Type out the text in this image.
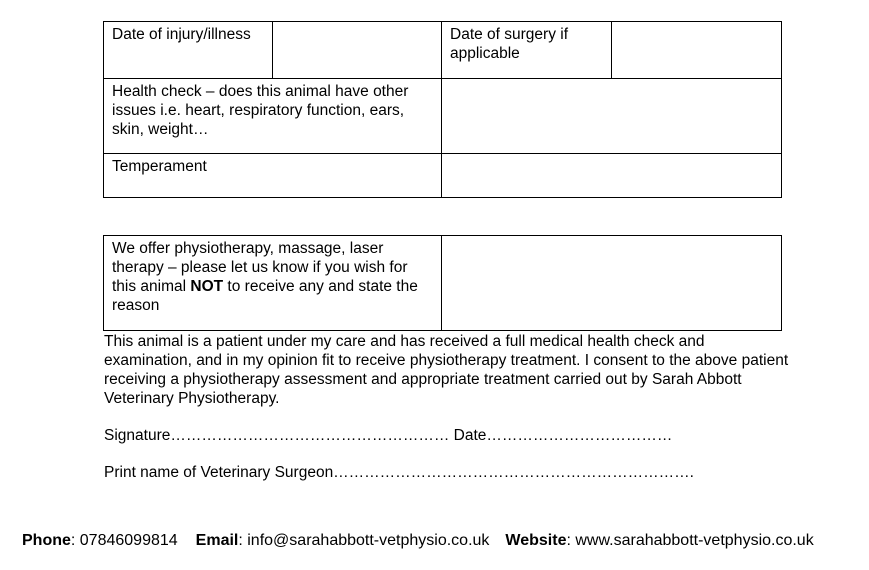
Date of injury/illness		Date of surgery if applicable	
Health check – does this animal have other issues i.e. heart, respiratory function, ears, skin, weight…			
Temperament			
We offer physiotherapy, massage, laser therapy – please let us know if you wish for this animal NOT to receive any and state the reason	
This animal is a patient under my care and has received a full medical health check and examination, and in my opinion fit to receive physiotherapy treatment. I consent to the above patient receiving a physiotherapy assessment and appropriate treatment carried out by Sarah Abbott Veterinary Physiotherapy.
Signature……………………………………………… Date………………………………
Print name of Veterinary Surgeon…………………………………………………………….
Phone: 07846099814 Email: info@sarahabbott-vetphysio.co.uk Website: www.sarahabbott-vetphysio.co.uk
